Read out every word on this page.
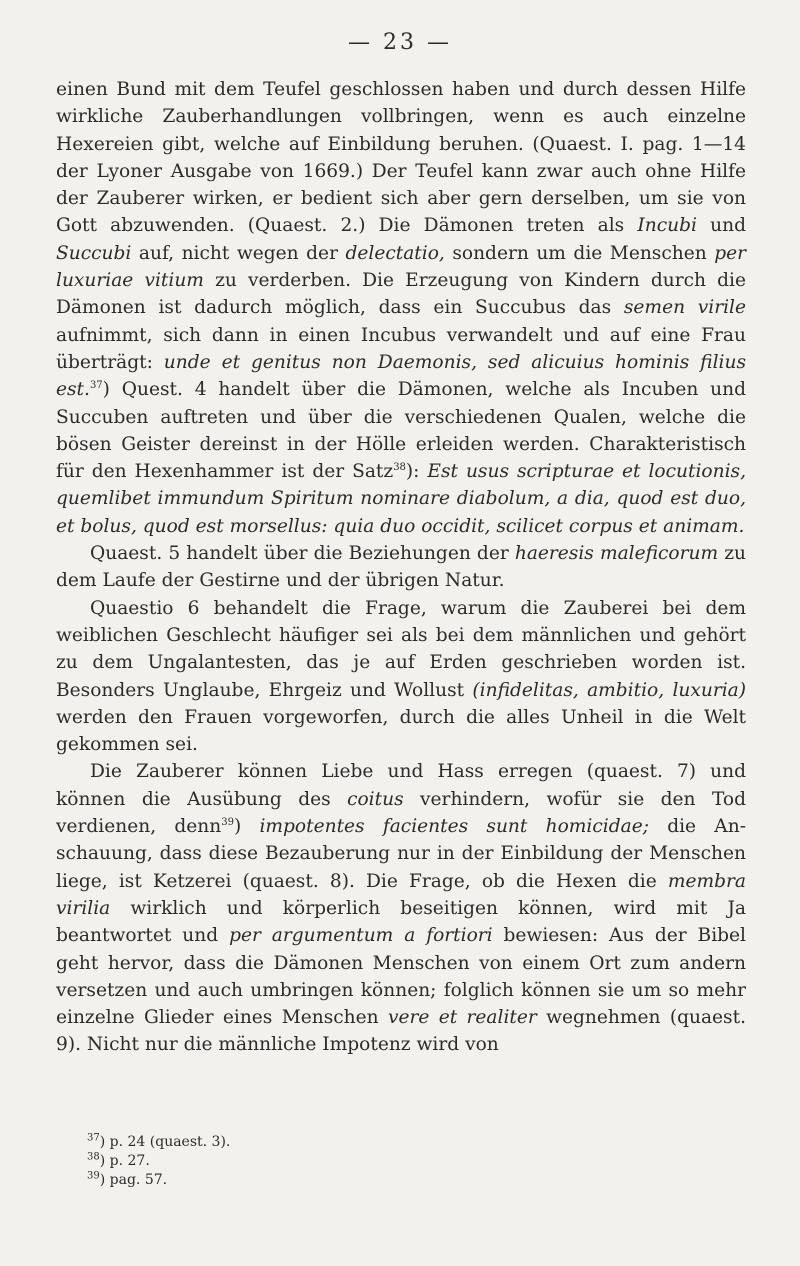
— 23 —

einen Bund mit dem Teufel geschlossen haben und durch dessen Hilfe wirkliche Zauberhandlungen vollbringen, wenn es auch einzelne Hexereien gibt, welche auf Einbildung beruhen. (Quaest. I. pag. 1—14 der Lyoner Ausgabe von 1669.) Der Teufel kann zwar auch ohne Hilfe der Zauberer wirken, er bedient sich aber gern derselben, um sie von Gott abzuwenden. (Quaest. 2.) Die Dämonen treten als Incubi und Succubi auf, nicht wegen der delectatio, sondern um die Menschen per luxuriae vitium zu verderben. Die Erzeugung von Kindern durch die Dämonen ist dadurch möglich, dass ein Succubus das semen virile aufnimmt, sich dann in einen Incubus verwandelt und auf eine Frau überträgt: unde et genitus non Daemonis, sed alicuius hominis filius est.$^{37}$) Quest. 4 handelt über die Dämonen, welche als Incuben und Succuben auftreten und über die verschiedenen Qualen, welche die bösen Geister dereinst in der Hölle erleiden werden. Charakteristisch für den Hexenhammer ist der Satz$^{38}$): Est usus scripturae et locutionis, quemlibet immundum Spiritum nominare diabolum, a dia, quod est duo, et bolus, quod est morsellus: quia duo occidit, scilicet corpus et animam.

Quaest. 5 handelt über die Beziehungen der haeresis maleficorum zu dem Laufe der Gestirne und der übrigen Natur.

Quaestio 6 behandelt die Frage, warum die Zauberei bei dem weiblichen Geschlecht häufiger sei als bei dem männlichen und gehört zu dem Ungalantesten, das je auf Erden geschrieben worden ist. Besonders Unglaube, Ehrgeiz und Wollust (infidelitas, ambitio, luxuria) werden den Frauen vorgeworfen, durch die alles Unheil in die Welt gekommen sei.

Die Zauberer können Liebe und Hass erregen (quaest. 7) und können die Ausübung des coitus verhindern, wofür sie den Tod verdienen, denn$^{39}$) impotentes facientes sunt homicidae; die Anschauung, dass diese Bezauberung nur in der Einbildung der Menschen liege, ist Ketzerei (quaest. 8). Die Frage, ob die Hexen die membra virilia wirklich und körperlich beseitigen können, wird mit Ja beantwortet und per argumentum a fortiori bewiesen: Aus der Bibel geht hervor, dass die Dämonen Menschen von einem Ort zum andern versetzen und auch umbringen können; folglich können sie um so mehr einzelne Glieder eines Menschen vere et realiter wegnehmen (quaest. 9). Nicht nur die männliche Impotenz wird von

$^{37}$) p. 24 (quaest. 3).
$^{38}$) p. 27.
$^{39}$) pag. 57.
